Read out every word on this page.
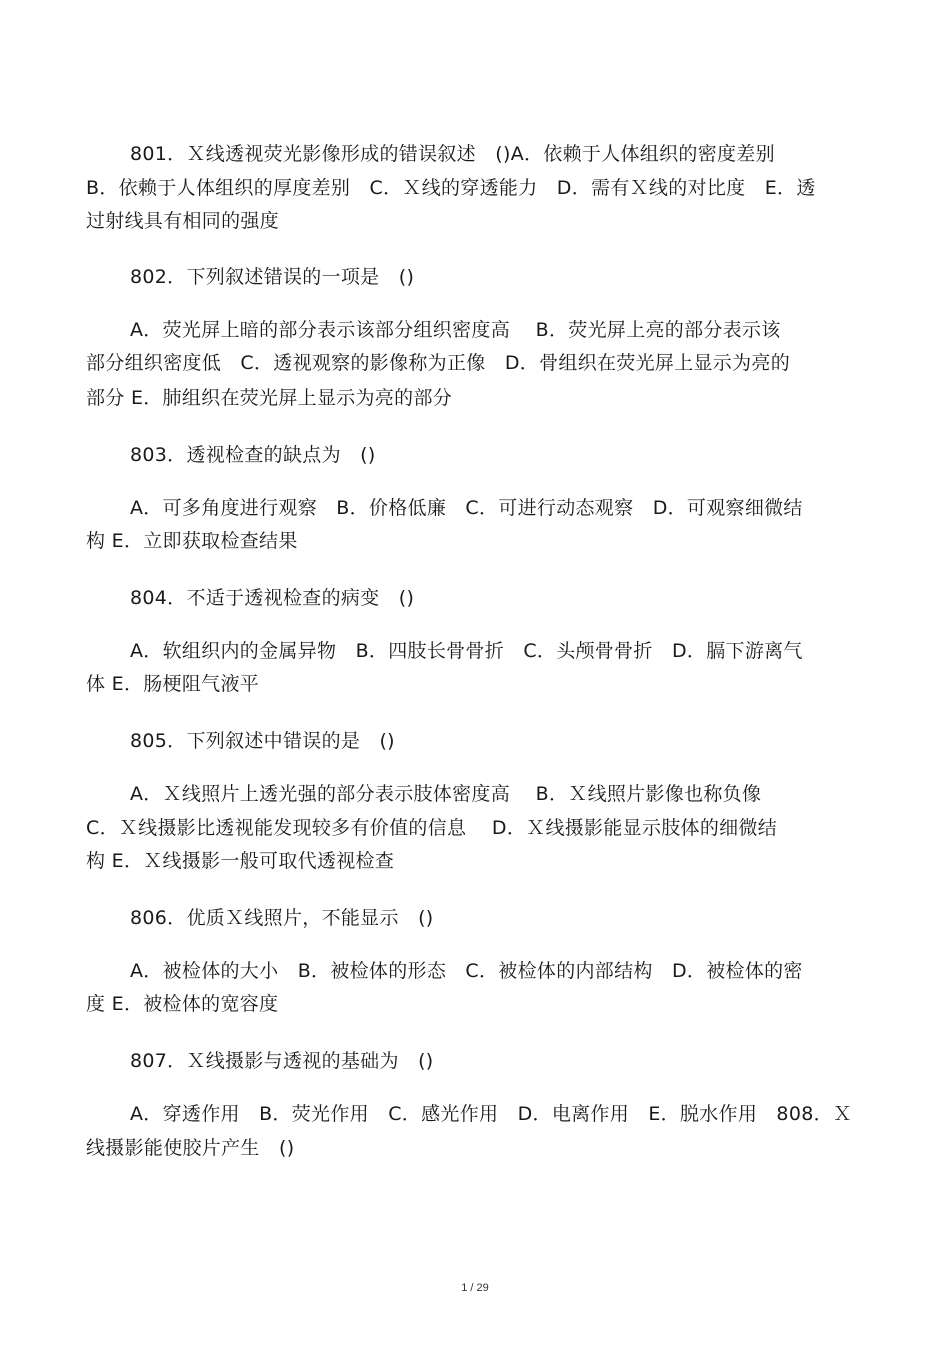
801．Ｘ线透视荧光影像形成的错误叙述　()A．依赖于人体组织的密度差别
B．依赖于人体组织的厚度差别　C．Ｘ线的穿透能力　D．需有Ｘ线的对比度　E．透
过射线具有相同的强度
802．下列叙述错误的一项是　()
A．荧光屏上暗的部分表示该部分组织密度高　 B．荧光屏上亮的部分表示该
部分组织密度低　C．透视观察的影像称为正像　D．骨组织在荧光屏上显示为亮的
部分 E．肺组织在荧光屏上显示为亮的部分
803．透视检查的缺点为　()
A．可多角度进行观察　B．价格低廉　C．可进行动态观察　D．可观察细微结
构 E．立即获取检查结果
804．不适于透视检查的病变　()
A．软组织内的金属异物　B．四肢长骨骨折　C．头颅骨骨折　D．膈下游离气
体 E．肠梗阻气液平
805．下列叙述中错误的是　()
A．Ｘ线照片上透光强的部分表示肢体密度高　 B．Ｘ线照片影像也称负像
C．Ｘ线摄影比透视能发现较多有价值的信息　 D．Ｘ线摄影能显示肢体的细微结
构 E．Ｘ线摄影一般可取代透视检查
806．优质Ｘ线照片，不能显示　()
A．被检体的大小　B．被检体的形态　C．被检体的内部结构　D．被检体的密
度 E．被检体的宽容度
807．Ｘ线摄影与透视的基础为　()
A．穿透作用　B．荧光作用　C．感光作用　D．电离作用　E．脱水作用　808．Ｘ
线摄影能使胶片产生　()
1 / 29
